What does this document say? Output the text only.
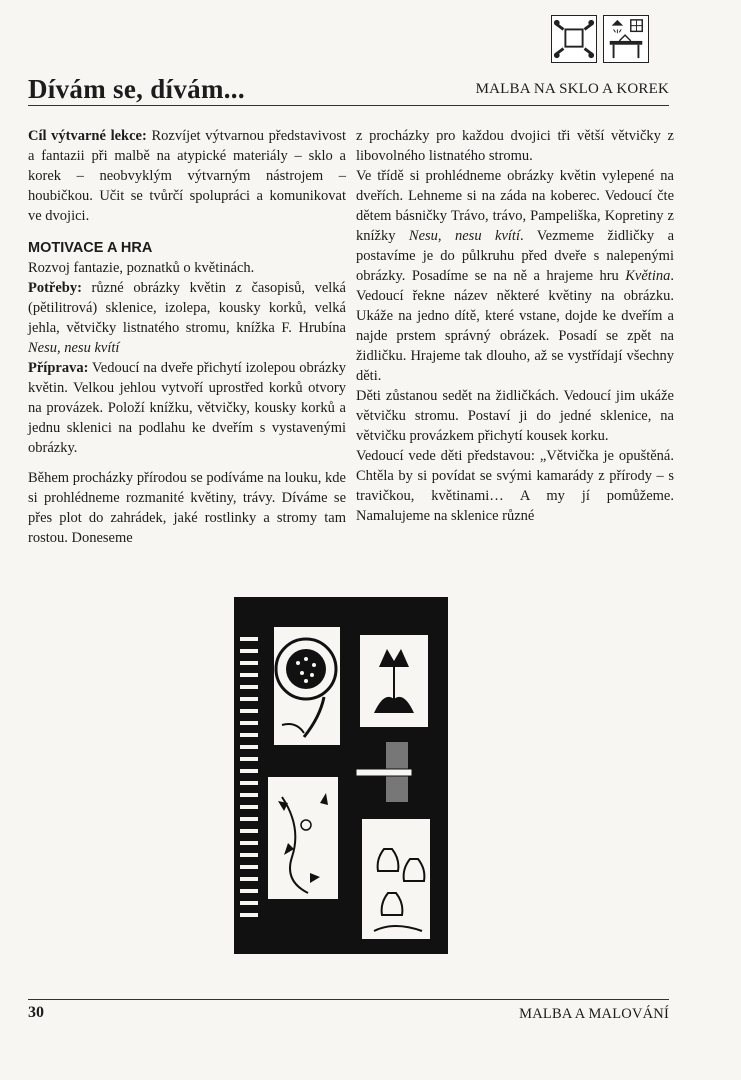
Dívám se, dívám...	MALBA NA SKLO A KOREK

Cíl výtvarné lekce: Rozvíjet výtvarnou představivost a fantazii při malbě na atypické materiály – sklo a korek – neobvyklým výtvarným nástrojem – houbičkou. Učit se tvůrčí spolupráci a komunikovat ve dvojici.

MOTIVACE A HRA

Rozvoj fantazie, poznatků o květinách.

Potřeby: různé obrázky květin z časopisů, velká (pětilitrová) sklenice, izolepa, kousky korků, velká jehla, větvičky listnatého stromu, knížka F. Hrubína Nesu, nesu kvítí

Příprava: Vedoucí na dveře přichytí izolepou obrázky květin. Velkou jehlou vytvoří uprostřed korků otvory na provázek. Položí knížku, větvičky, kousky korků a jednu sklenici na podlahu ke dveřím s vystavenými obrázky.

Během procházky přírodou se podíváme na louku, kde si prohlédneme rozmanité květiny, trávy. Díváme se přes plot do zahrádek, jaké rostlinky a stromy tam rostou. Doneseme

z procházky pro každou dvojici tři větší větvičky z libovolného listnatého stromu.

Ve třídě si prohlédneme obrázky květin vylepené na dveřích. Lehneme si na záda na koberec. Vedoucí čte dětem básničky Trávo, trávo, Pampeliška, Kopretiny z knížky Nesu, nesu kvítí. Vezmeme židličky a postavíme je do půlkruhu před dveře s nalepenými obrázky. Posadíme se na ně a hrajeme hru Květina. Vedoucí řekne název některé květiny na obrázku. Ukáže na jedno dítě, které vstane, dojde ke dveřím a najde prstem správný obrázek. Posadí se zpět na židličku. Hrajeme tak dlouho, až se vystřídají všechny děti.

Děti zůstanou sedět na židličkách. Vedoucí jim ukáže větvičku stromu. Postaví ji do jedné sklenice, na větvičku provázkem přichytí kousek korku.

Vedoucí vede děti představou: „Větvička je opuštěná. Chtěla by si povídat se svými kamarády z přírody – s travičkou, květinami… A my jí pomůžeme. Namalujeme na sklenice různé

30	MALBA A MALOVÁNÍ
